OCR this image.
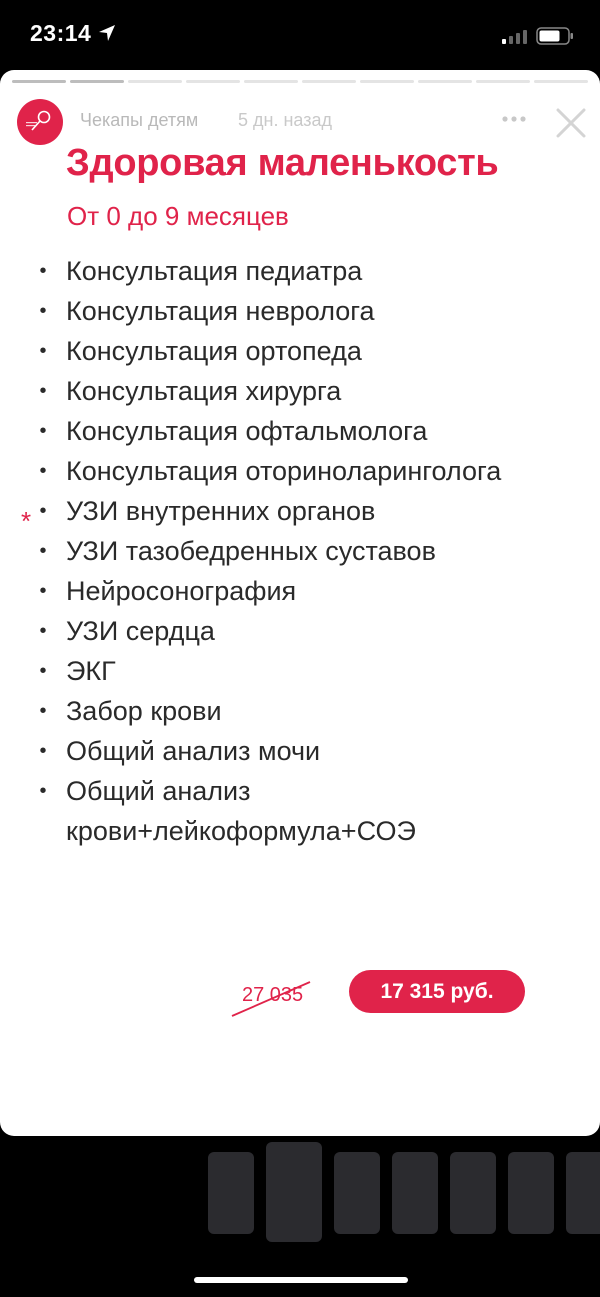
23:14
Чекапы детям 5 дн. назад
Здоровая маленькость
От 0 до 9 месяцев
• Консультация педиатра
• Консультация невролога
• Консультация ортопеда
• Консультация хирурга
• Консультация офтальмолога
• Консультация оториноларинголога
• УЗИ внутренних органов
• УЗИ тазобедренных суставов
• Нейросонография
• УЗИ сердца
• ЭКГ
• Забор крови
• Общий анализ мочи
• Общий анализ крови+лейкоформула+СОЭ
*
27 035	17 315 руб.
